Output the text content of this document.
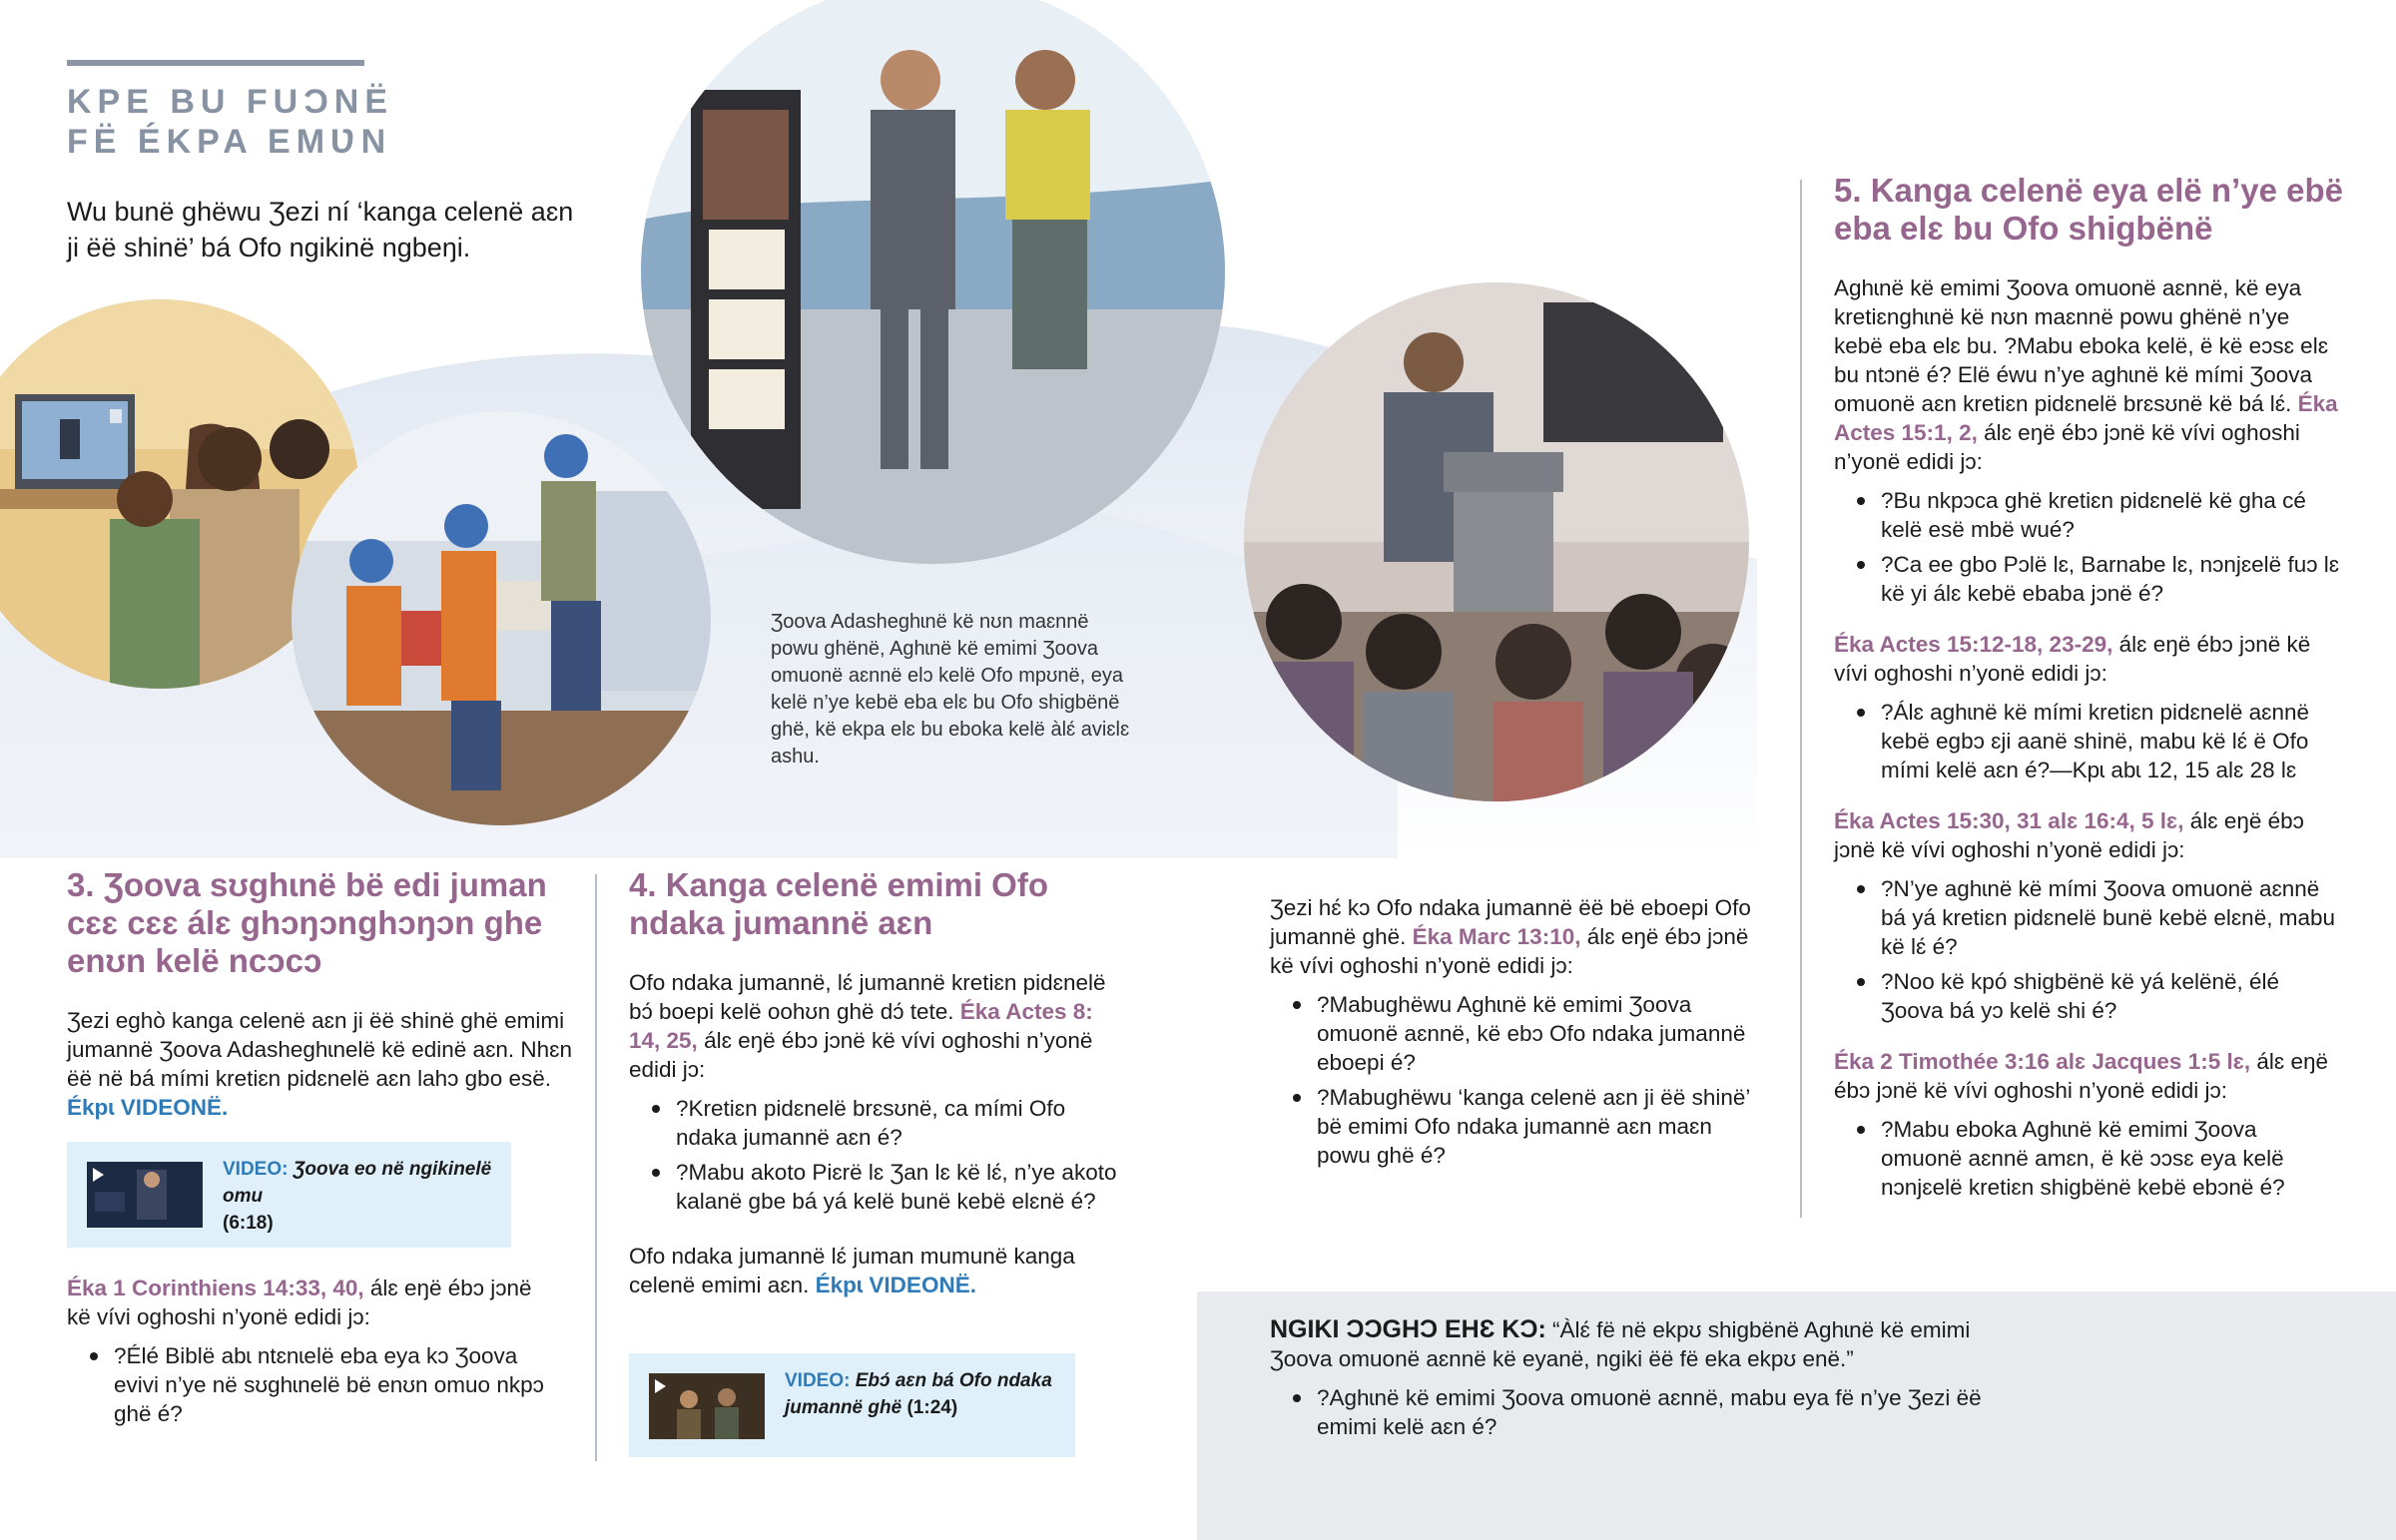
KPE BU FUƆNË
FË ÉKPA EMƲN
Wu bunë ghëwu Ʒezi ní ‘kanga celenë aɛn ji ëë shinë’ bá Ofo ngikinë ngbeŋi.
Ʒoova Adasheghɩnë kë nʊn maɛnnë powu ghënë, Aghɩnë kë emimi Ʒoova omuonë aɛnnë elɔ kelë Ofo mpʊnë, eya kelë n’ye kebë eba elɛ bu Ofo shigbënë ghë, kë ekpa elɛ bu eboka kelë àlɛ́ aviɛlɛ ashu.
3. Ʒoova sʊghɩnë bë edi juman cɛɛ cɛɛ álɛ ghɔŋɔnghɔŋɔn ghe enʊn kelë ncɔcɔ

Ʒezi eghò kanga celenë aɛn ji ëë shinë ghë emimi jumannë Ʒoova Adasheghɩnelë kë edinë aɛn. Nhɛn ëë në bá mími kretiɛn pidɛnelë aɛn lahɔ gbo esë. Ékpɩ VIDEONË.

VIDEO: Ʒoova eo në ngikinelë omu
(6:18)

Éka 1 Corinthiens 14:33, 40, álɛ eŋë ébɔ jɔnë kë vívi oghoshi n’yonë edidi jɔ:

?Élé Biblë abɩ ntɛnɩelë eba eya kɔ Ʒoova evivi n’ye në sʊghɩnelë bë enʊn omuo nkpɔ ghë é?
4. Kanga celenë emimi Ofo ndaka jumannë aɛn

Ofo ndaka jumannë, lɛ́ jumannë kretiɛn pidɛnelë bɔ́ boepi kelë oohʊn ghë dɔ́ tete. Éka Actes 8: 14, 25, álɛ eŋë ébɔ jɔnë kë vívi oghoshi n’yonë edidi jɔ:

?Kretiɛn pidɛnelë brɛsʊnë, ca mími Ofo ndaka jumannë aɛn é?
?Mabu akoto Piɛrë lɛ Ʒan lɛ kë lɛ́, n’ye akoto kalanë gbe bá yá kelë bunë kebë elɛnë é?

Ofo ndaka jumannë lɛ́ juman mumunë kanga celenë emimi aɛn. Ékpɩ VIDEONË.

VIDEO: Ebɔ́ aɛn bá Ofo ndaka jumannë ghë (1:24)

Ʒezi hɛ́ kɔ Ofo ndaka jumannë ëë bë eboepi Ofo jumannë ghë. Éka Marc 13:10, álɛ eŋë ébɔ jɔnë kë vívi oghoshi n’yonë edidi jɔ:

?Mabughëwu Aghɩnë kë emimi Ʒoova omuonë aɛnnë, kë ebɔ Ofo ndaka jumannë eboepi é?
?Mabughëwu ‘kanga celenë aɛn ji ëë shinë’ bë emimi Ofo ndaka jumannë aɛn maɛn powu ghë é?
5. Kanga celenë eya elë n’ye ebë eba elɛ bu Ofo shigbënë

Aghɩnë kë emimi Ʒoova omuonë aɛnnë, kë eya kretiɛnghɩnë kë nʊn maɛnnë powu ghënë n’ye kebë eba elɛ bu. ?Mabu eboka kelë, ë kë eɔsɛ elɛ bu ntɔnë é? Elë éwu n’ye aghɩnë kë mími Ʒoova omuonë aɛn kretiɛn pidɛnelë brɛsʊnë kë bá lɛ́. Éka Actes 15:1, 2, álɛ eŋë ébɔ jɔnë kë vívi oghoshi n’yonë edidi jɔ:

?Bu nkpɔca ghë kretiɛn pidɛnelë kë gha cé kelë esë mbë wué?
?Ca ee gbo Pɔlë lɛ, Barnabe lɛ, nɔnjɛelë fuɔ lɛ kë yi álɛ kebë ebaba jɔnë é?

Éka Actes 15:12-18, 23-29, álɛ eŋë ébɔ jɔnë kë vívi oghoshi n’yonë edidi jɔ:

?Álɛ aghɩnë kë mími kretiɛn pidɛnelë aɛnnë kebë egbɔ ɛji aanë shinë, mabu kë lɛ́ ë Ofo mími kelë aɛn é?—Kpɩ abɩ 12, 15 alɛ 28 lɛ

Éka Actes 15:30, 31 alɛ 16:4, 5 lɛ, álɛ eŋë ébɔ jɔnë kë vívi oghoshi n’yonë edidi jɔ:

?N’ye aghɩnë kë mími Ʒoova omuonë aɛnnë bá yá kretiɛn pidɛnelë bunë kebë elɛnë, mabu kë lɛ́ é?
?Noo kë kpó shigbënë kë yá kelënë, élé Ʒoova bá yɔ kelë shi é?

Éka 2 Timothée 3:16 alɛ Jacques 1:5 lɛ, álɛ eŋë ébɔ jɔnë kë vívi oghoshi n’yonë edidi jɔ:

?Mabu eboka Aghɩnë kë emimi Ʒoova omuonë aɛnnë amɛn, ë kë ɔɔsɛ eya kelë nɔnjɛelë kretiɛn shigbënë kebë ebɔnë é?

NGIKI ƆƆGHƆ EHƐ KƆ: “Àlɛ́ fë në ekpʊ shigbënë Aghɩnë kë emimi Ʒoova omuonë aɛnnë kë eyanë, ngiki ëë fë eka ekpʊ enë.”

?Aghɩnë kë emimi Ʒoova omuonë aɛnnë, mabu eya fë n’ye Ʒezi ëë emimi kelë aɛn é?
